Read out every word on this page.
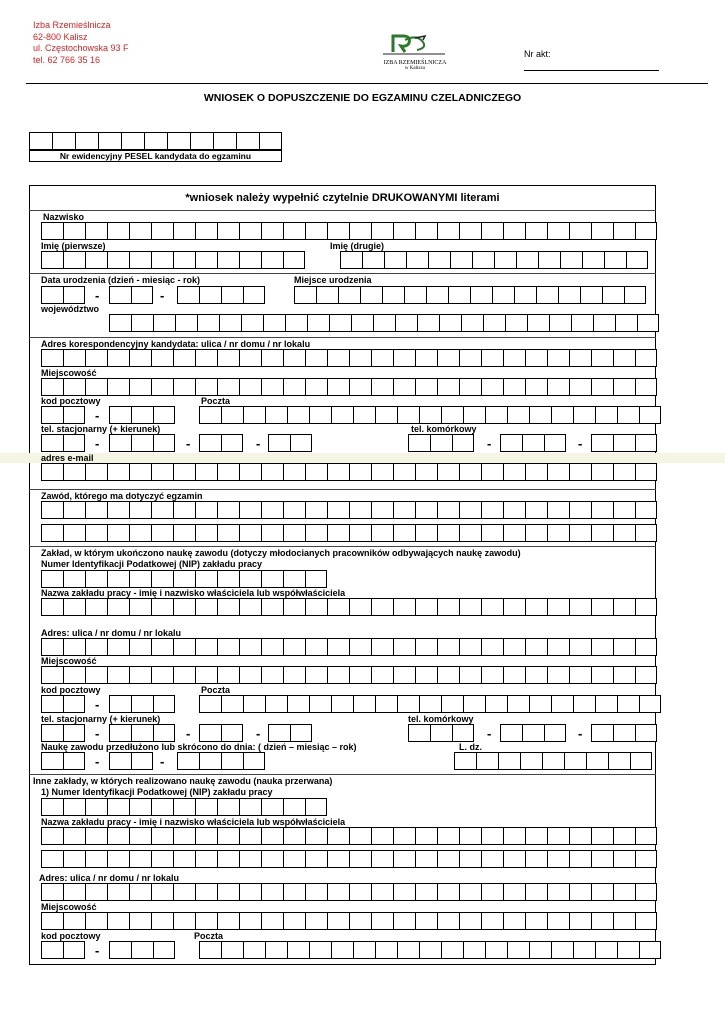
Izba Rzemieślnicza
62-800 Kalisz
ul. Częstochowska 93 F
tel. 62 766 35 16	IZBA RZEMIEŚLNICZA
w Kaliszu
Nr akt:
WNIOSEK O DOPUSZCZENIE DO EGZAMINU CZELADNICZEGO
Nr ewidencyjny PESEL kandydata do egzaminu
*wniosek należy wypełnić czytelnie DRUKOWANYMI literami
Nazwisko
Imię (pierwsze)	Imię (drugie)
Data urodzenia (dzień - miesiąc - rok)	Miejsce urodzenia
-	-
województwo
Adres korespondencyjny kandydata: ulica / nr domu / nr lokalu
Miejscowość
kod pocztowy	Poczta
-
tel. stacjonarny (+ kierunek)	tel. komórkowy
-	-	-	-	-
adres e-mail
Zawód, którego ma dotyczyć egzamin
Zakład, w którym ukończono naukę zawodu (dotyczy młodocianych pracowników odbywających naukę zawodu)
Numer Identyfikacji Podatkowej (NIP) zakładu pracy
Nazwa zakładu pracy - imię i nazwisko właściciela lub współwłaściciela
Adres: ulica / nr domu / nr lokalu
Miejscowość
kod pocztowy	Poczta
-
tel. stacjonarny (+ kierunek)	tel. komórkowy
-	-	-	-	-
Naukę zawodu przedłużono lub skrócono do dnia: ( dzień – miesiąc – rok)	L. dz.
-	-
Inne zakłady, w których realizowano naukę zawodu (nauka przerwana)
1) Numer Identyfikacji Podatkowej (NIP) zakładu pracy
Nazwa zakładu pracy - imię i nazwisko właściciela lub współwłaściciela
Adres: ulica / nr domu / nr lokalu
Miejscowość
kod pocztowy	Poczta
-
